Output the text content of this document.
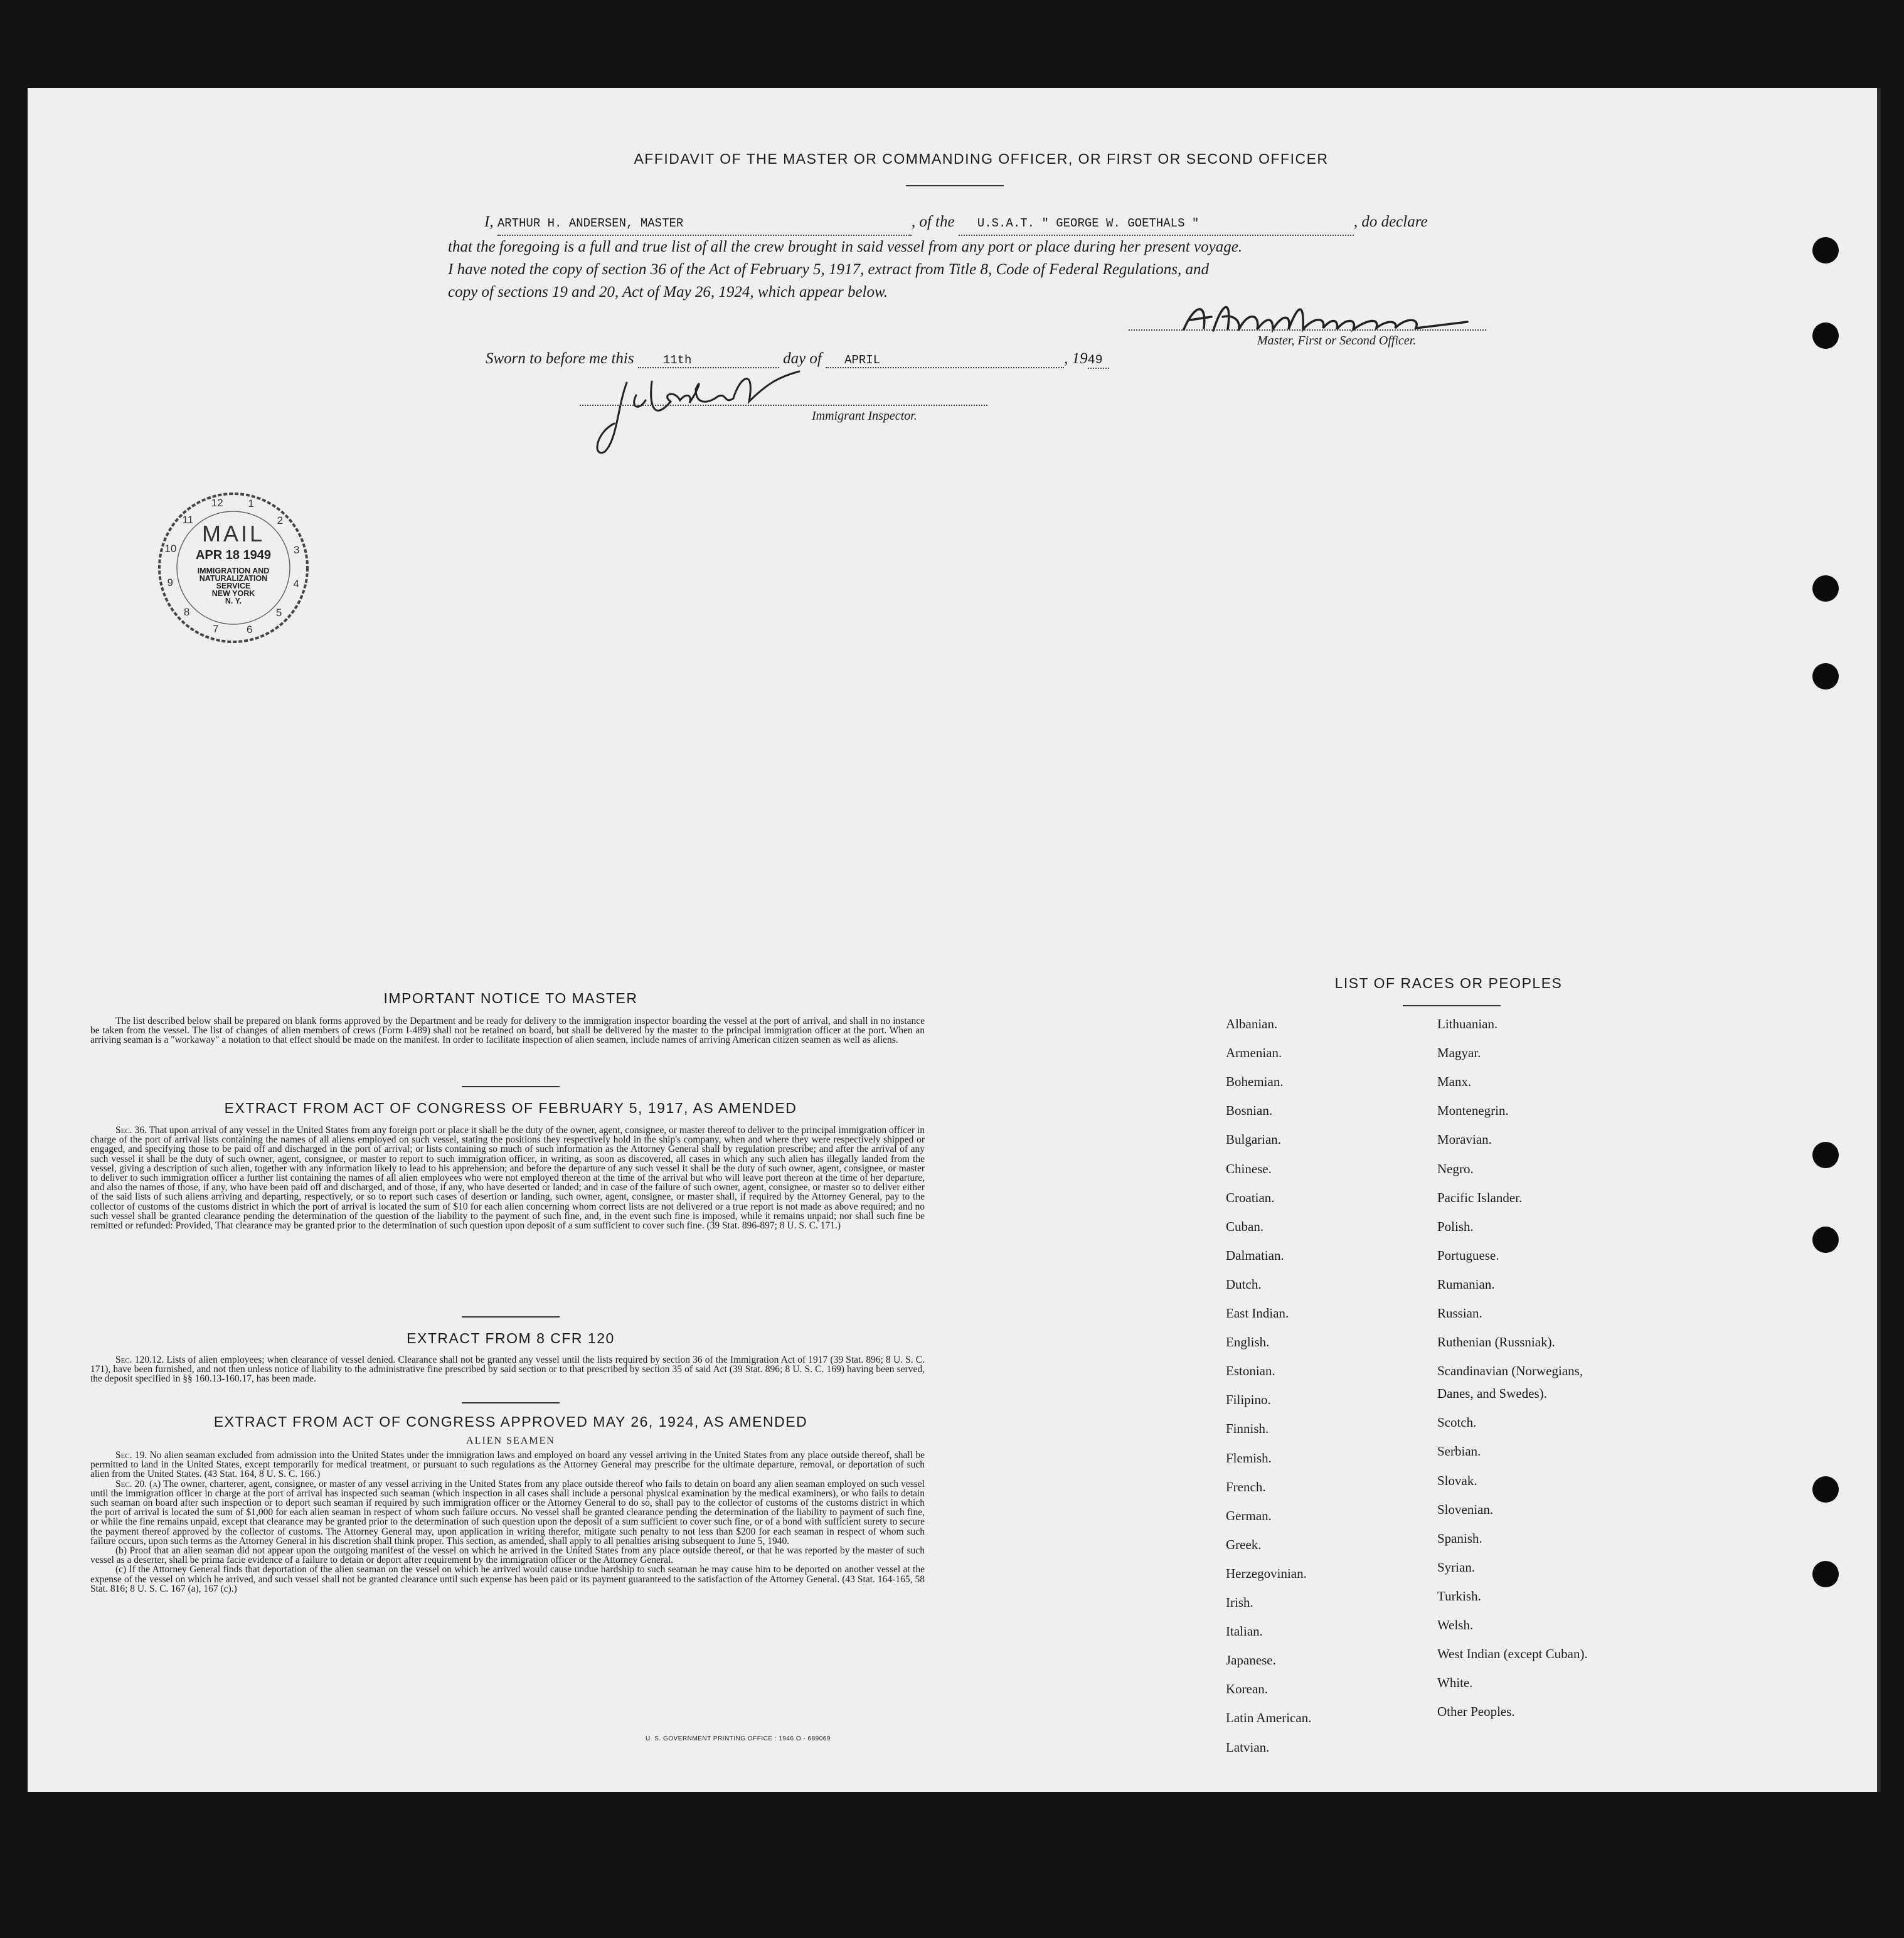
AFFIDAVIT OF THE MASTER OR COMMANDING OFFICER, OR FIRST OR SECOND OFFICER
I, ARTHUR H. ANDERSEN, MASTER	, of the U.S.A.T. " GEORGE W. GOETHALS "	, do declare
that the foregoing is a full and true list of all the crew brought in said vessel from any port or place during her present voyage.
I have noted the copy of section 36 of the Act of February 5, 1917, extract from Title 8, Code of Federal Regulations, and
copy of sections 19 and 20, Act of May 26, 1924, which appear below.
Master, First or Second Officer.
Sworn to before me this 11th	day of APRIL	, 1949
Immigrant Inspector.
12	1
2
3
4
5
6
7
8
9
10
11
MAIL
APR 18 1949
IMMIGRATION AND
NATURALIZATION
SERVICE
NEW YORK
N. Y.
IMPORTANT NOTICE TO MASTER
The list described below shall be prepared on blank forms approved by the Department and be ready for delivery to the immigration inspector boarding the vessel at the port of arrival, and shall in no instance be taken from the vessel. The list of changes of alien members of crews (Form I-489) shall not be retained on board, but shall be delivered by the master to the principal immigration officer at the port. When an arriving seaman is a "workaway" a notation to that effect should be made on the manifest. In order to facilitate inspection of alien seamen, include names of arriving American citizen seamen as well as aliens.
EXTRACT FROM ACT OF CONGRESS OF FEBRUARY 5, 1917, AS AMENDED
Sec. 36. That upon arrival of any vessel in the United States from any foreign port or place it shall be the duty of the owner, agent, consignee, or master thereof to deliver to the principal immigration officer in charge of the port of arrival lists containing the names of all aliens employed on such vessel, stating the positions they respectively hold in the ship's company, when and where they were respectively shipped or engaged, and specifying those to be paid off and discharged in the port of arrival; or lists containing so much of such information as the Attorney General shall by regulation prescribe; and after the arrival of any such vessel it shall be the duty of such owner, agent, consignee, or master to report to such immigration officer, in writing, as soon as discovered, all cases in which any such alien has illegally landed from the vessel, giving a description of such alien, together with any information likely to lead to his apprehension; and before the departure of any such vessel it shall be the duty of such owner, agent, consignee, or master to deliver to such immigration officer a further list containing the names of all alien employees who were not employed thereon at the time of the arrival but who will leave port thereon at the time of her departure, and also the names of those, if any, who have been paid off and discharged, and of those, if any, who have deserted or landed; and in case of the failure of such owner, agent, consignee, or master so to deliver either of the said lists of such aliens arriving and departing, respectively, or so to report such cases of desertion or landing, such owner, agent, consignee, or master shall, if required by the Attorney General, pay to the collector of customs of the customs district in which the port of arrival is located the sum of $10 for each alien concerning whom correct lists are not delivered or a true report is not made as above required; and no such vessel shall be granted clearance pending the determination of the question of the liability to the payment of such fine, and, in the event such fine is imposed, while it remains unpaid; nor shall such fine be remitted or refunded: Provided, That clearance may be granted prior to the determination of such question upon deposit of a sum sufficient to cover such fine. (39 Stat. 896-897; 8 U. S. C. 171.)
EXTRACT FROM 8 CFR 120
Sec. 120.12. Lists of alien employees; when clearance of vessel denied. Clearance shall not be granted any vessel until the lists required by section 36 of the Immigration Act of 1917 (39 Stat. 896; 8 U. S. C. 171), have been furnished, and not then unless notice of liability to the administrative fine prescribed by said section or to that prescribed by section 35 of said Act (39 Stat. 896; 8 U. S. C. 169) having been served, the deposit specified in §§ 160.13-160.17, has been made.
EXTRACT FROM ACT OF CONGRESS APPROVED MAY 26, 1924, AS AMENDED
ALIEN SEAMEN
Sec. 19. No alien seaman excluded from admission into the United States under the immigration laws and employed on board any vessel arriving in the United States from any place outside thereof, shall be permitted to land in the United States, except temporarily for medical treatment, or pursuant to such regulations as the Attorney General may prescribe for the ultimate departure, removal, or deportation of such alien from the United States. (43 Stat. 164, 8 U. S. C. 166.)
Sec. 20. (a) The owner, charterer, agent, consignee, or master of any vessel arriving in the United States from any place outside thereof who fails to detain on board any alien seaman employed on such vessel until the immigration officer in charge at the port of arrival has inspected such seaman (which inspection in all cases shall include a personal physical examination by the medical examiners), or who fails to detain such seaman on board after such inspection or to deport such seaman if required by such immigration officer or the Attorney General to do so, shall pay to the collector of customs of the customs district in which the port of arrival is located the sum of $1,000 for each alien seaman in respect of whom such failure occurs. No vessel shall be granted clearance pending the determination of the liability to payment of such fine, or while the fine remains unpaid, except that clearance may be granted prior to the determination of such question upon the deposit of a sum sufficient to cover such fine, or of a bond with sufficient surety to secure the payment thereof approved by the collector of customs. The Attorney General may, upon application in writing therefor, mitigate such penalty to not less than $200 for each seaman in respect of whom such failure occurs, upon such terms as the Attorney General in his discretion shall think proper. This section, as amended, shall apply to all penalties arising subsequent to June 5, 1940.
(b) Proof that an alien seaman did not appear upon the outgoing manifest of the vessel on which he arrived in the United States from any place outside thereof, or that he was reported by the master of such vessel as a deserter, shall be prima facie evidence of a failure to detain or deport after requirement by the immigration officer or the Attorney General.
(c) If the Attorney General finds that deportation of the alien seaman on the vessel on which he arrived would cause undue hardship to such seaman he may cause him to be deported on another vessel at the expense of the vessel on which he arrived, and such vessel shall not be granted clearance until such expense has been paid or its payment guaranteed to the satisfaction of the Attorney General. (43 Stat. 164-165, 58 Stat. 816; 8 U. S. C. 167 (a), 167 (c).)
U. S. GOVERNMENT PRINTING OFFICE : 1946 O - 689069
LIST OF RACES OR PEOPLES
Albanian.
Armenian.
Bohemian.
Bosnian.
Bulgarian.
Chinese.
Croatian.
Cuban.
Dalmatian.
Dutch.
East Indian.
English.
Estonian.
Filipino.
Finnish.
Flemish.
French.
German.
Greek.
Herzegovinian.
Irish.
Italian.
Japanese.
Korean.
Latin American.
Latvian.
Lithuanian.
Magyar.
Manx.
Montenegrin.
Moravian.
Negro.
Pacific Islander.
Polish.
Portuguese.
Rumanian.
Russian.
Ruthenian (Russniak).
Scandinavian (Norwegians,
Danes, and Swedes).
Scotch.
Serbian.
Slovak.
Slovenian.
Spanish.
Syrian.
Turkish.
Welsh.
West Indian (except Cuban).
White.
Other Peoples.
